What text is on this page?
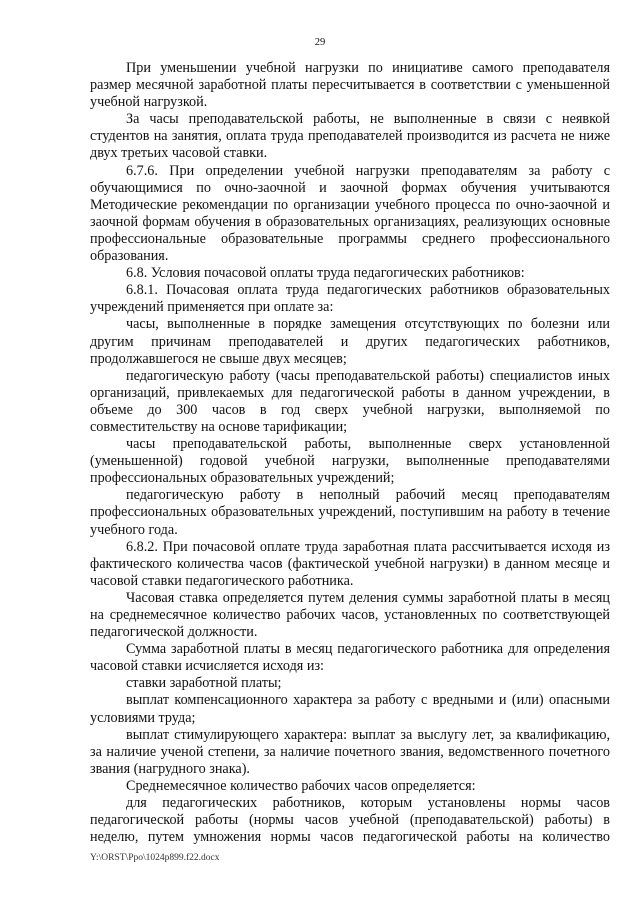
29

При уменьшении учебной нагрузки по инициативе самого преподавателя размер месячной заработной платы пересчитывается в соответствии с уменьшенной учебной нагрузкой.

За часы преподавательской работы, не выполненные в связи с неявкой студентов на занятия, оплата труда преподавателей производится из расчета не ниже двух третьих часовой ставки.

6.7.6. При определении учебной нагрузки преподавателям за работу с обучающимися по очно-заочной и заочной формах обучения учитываются Методические рекомендации по организации учебного процесса по очно-заочной и заочной формам обучения в образовательных организациях, реализующих основные профессиональные образовательные программы среднего профессионального образования.

6.8. Условия почасовой оплаты труда педагогических работников:

6.8.1. Почасовая оплата труда педагогических работников образовательных учреждений применяется при оплате за:

часы, выполненные в порядке замещения отсутствующих по болезни или другим причинам преподавателей и других педагогических работников, продолжавшегося не свыше двух месяцев;

педагогическую работу (часы преподавательской работы) специалистов иных организаций, привлекаемых для педагогической работы в данном учреждении, в объеме до 300 часов в год сверх учебной нагрузки, выполняемой по совместительству на основе тарификации;

часы преподавательской работы, выполненные сверх установленной (уменьшенной) годовой учебной нагрузки, выполненные преподавателями профессиональных образовательных учреждений;

педагогическую работу в неполный рабочий месяц преподавателям профессиональных образовательных учреждений, поступившим на работу в течение учебного года.

6.8.2. При почасовой оплате труда заработная плата рассчитывается исходя из фактического количества часов (фактической учебной нагрузки) в данном месяце и часовой ставки педагогического работника.

Часовая ставка определяется путем деления суммы заработной платы в месяц на среднемесячное количество рабочих часов, установленных по соответствующей педагогической должности.

Сумма заработной платы в месяц педагогического работника для определения часовой ставки исчисляется исходя из:

ставки заработной платы;

выплат компенсационного характера за работу с вредными и (или) опасными условиями труда;

выплат стимулирующего характера: выплат за выслугу лет, за квалификацию, за наличие ученой степени, за наличие почетного звания, ведомственного почетного звания (нагрудного знака).

Среднемесячное количество рабочих часов определяется:

для педагогических работников, которым установлены нормы часов педагогической работы (нормы часов учебной (преподавательской) работы) в неделю, путем умножения нормы часов педагогической работы на количество

Y:\ORST\Ppo\1024p899.f22.docx
